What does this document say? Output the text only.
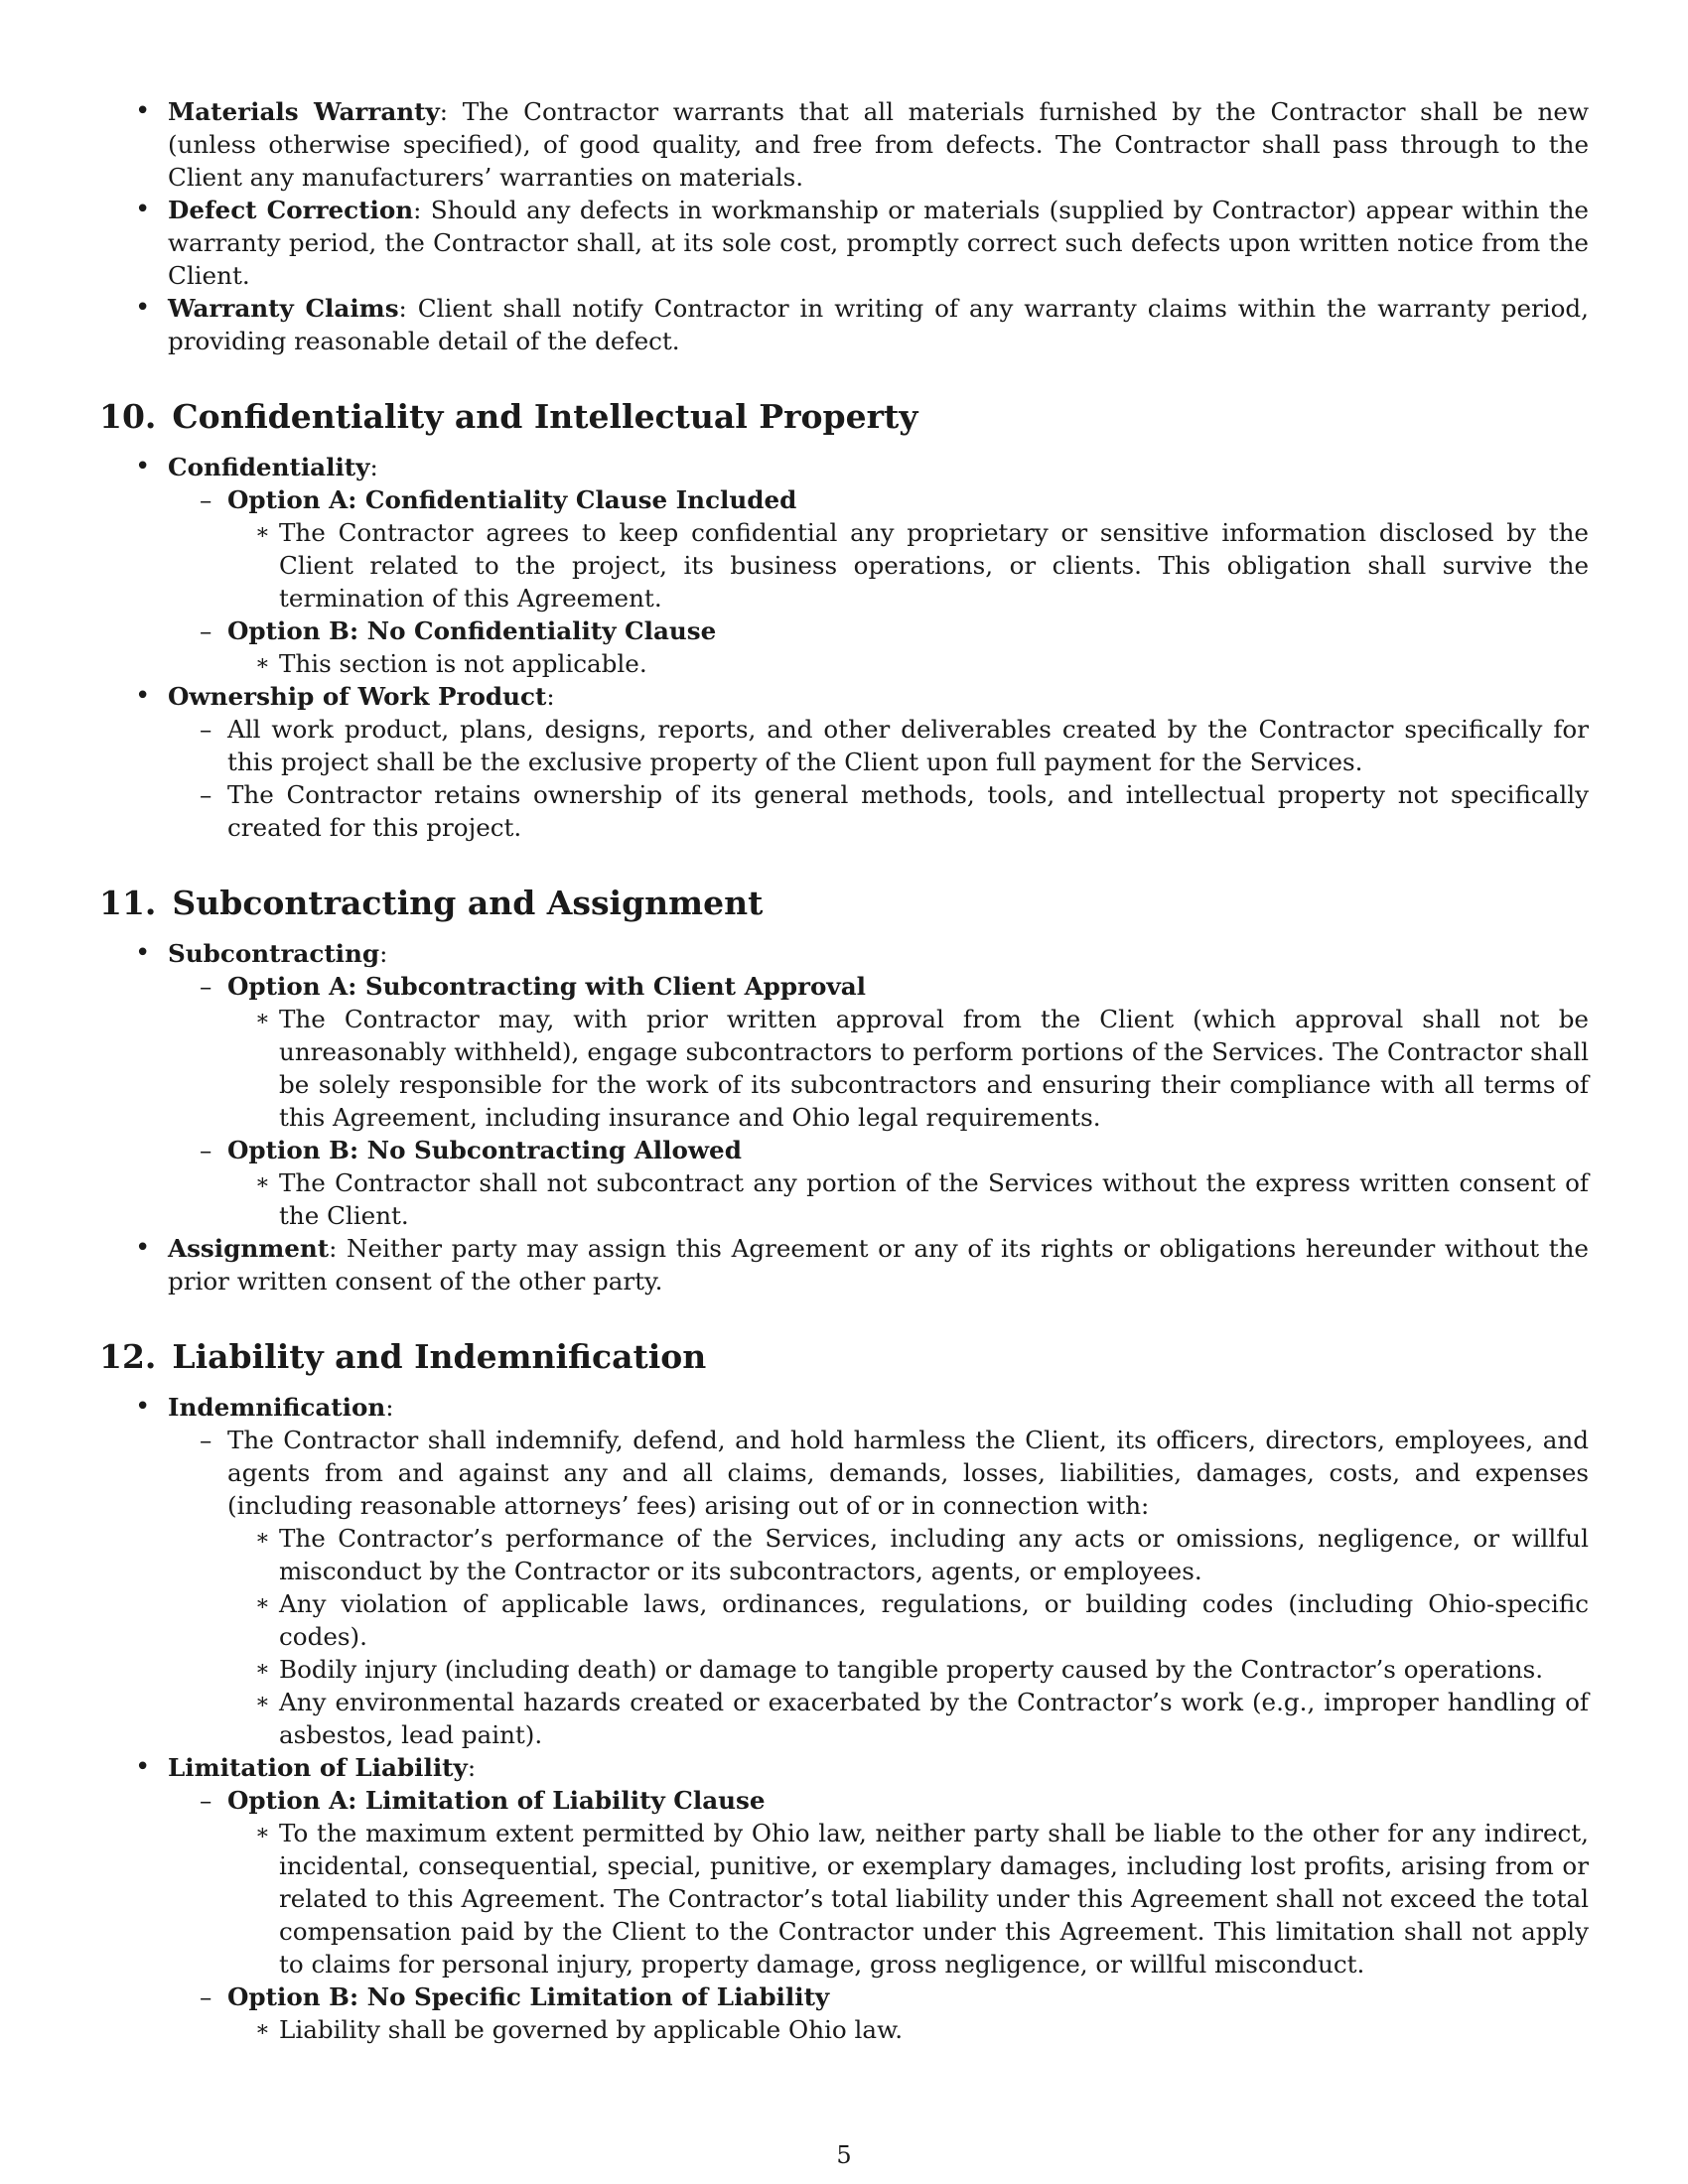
• Materials Warranty: The Contractor warrants that all materials furnished by the Contractor shall be new (unless otherwise specified), of good quality, and free from defects. The Contractor shall pass through to the Client any manufacturers’ warranties on materials.
• Defect Correction: Should any defects in workmanship or materials (supplied by Contractor) appear within the warranty period, the Contractor shall, at its sole cost, promptly correct such defects upon written notice from the Client.
• Warranty Claims: Client shall notify Contractor in writing of any warranty claims within the warranty period, providing reasonable detail of the defect.
10. Confidentiality and Intellectual Property
• Confidentiality:
– Option A: Confidentiality Clause Included
∗ The Contractor agrees to keep confidential any proprietary or sensitive information disclosed by the Client related to the project, its business operations, or clients. This obligation shall survive the termination of this Agreement.
– Option B: No Confidentiality Clause
∗ This section is not applicable.
• Ownership of Work Product:
– All work product, plans, designs, reports, and other deliverables created by the Contractor specifically for this project shall be the exclusive property of the Client upon full payment for the Services.
– The Contractor retains ownership of its general methods, tools, and intellectual property not specifically created for this project.
11. Subcontracting and Assignment
• Subcontracting:
– Option A: Subcontracting with Client Approval
∗ The Contractor may, with prior written approval from the Client (which approval shall not be unreasonably withheld), engage subcontractors to perform portions of the Services. The Contractor shall be solely responsible for the work of its subcontractors and ensuring their compliance with all terms of this Agreement, including insurance and Ohio legal requirements.
– Option B: No Subcontracting Allowed
∗ The Contractor shall not subcontract any portion of the Services without the express written consent of the Client.
• Assignment: Neither party may assign this Agreement or any of its rights or obligations hereunder without the prior written consent of the other party.
12. Liability and Indemnification
• Indemnification:
– The Contractor shall indemnify, defend, and hold harmless the Client, its officers, directors, employees, and agents from and against any and all claims, demands, losses, liabilities, damages, costs, and expenses (including reasonable attorneys’ fees) arising out of or in connection with:
∗ The Contractor’s performance of the Services, including any acts or omissions, negligence, or willful misconduct by the Contractor or its subcontractors, agents, or employees.
∗ Any violation of applicable laws, ordinances, regulations, or building codes (including Ohio-specific codes).
∗ Bodily injury (including death) or damage to tangible property caused by the Contractor’s operations.
∗ Any environmental hazards created or exacerbated by the Contractor’s work (e.g., improper handling of asbestos, lead paint).
• Limitation of Liability:
– Option A: Limitation of Liability Clause
∗ To the maximum extent permitted by Ohio law, neither party shall be liable to the other for any indirect, incidental, consequential, special, punitive, or exemplary damages, including lost profits, arising from or related to this Agreement. The Contractor’s total liability under this Agreement shall not exceed the total compensation paid by the Client to the Contractor under this Agreement. This limitation shall not apply to claims for personal injury, property damage, gross negligence, or willful misconduct.
– Option B: No Specific Limitation of Liability
∗ Liability shall be governed by applicable Ohio law.
5
